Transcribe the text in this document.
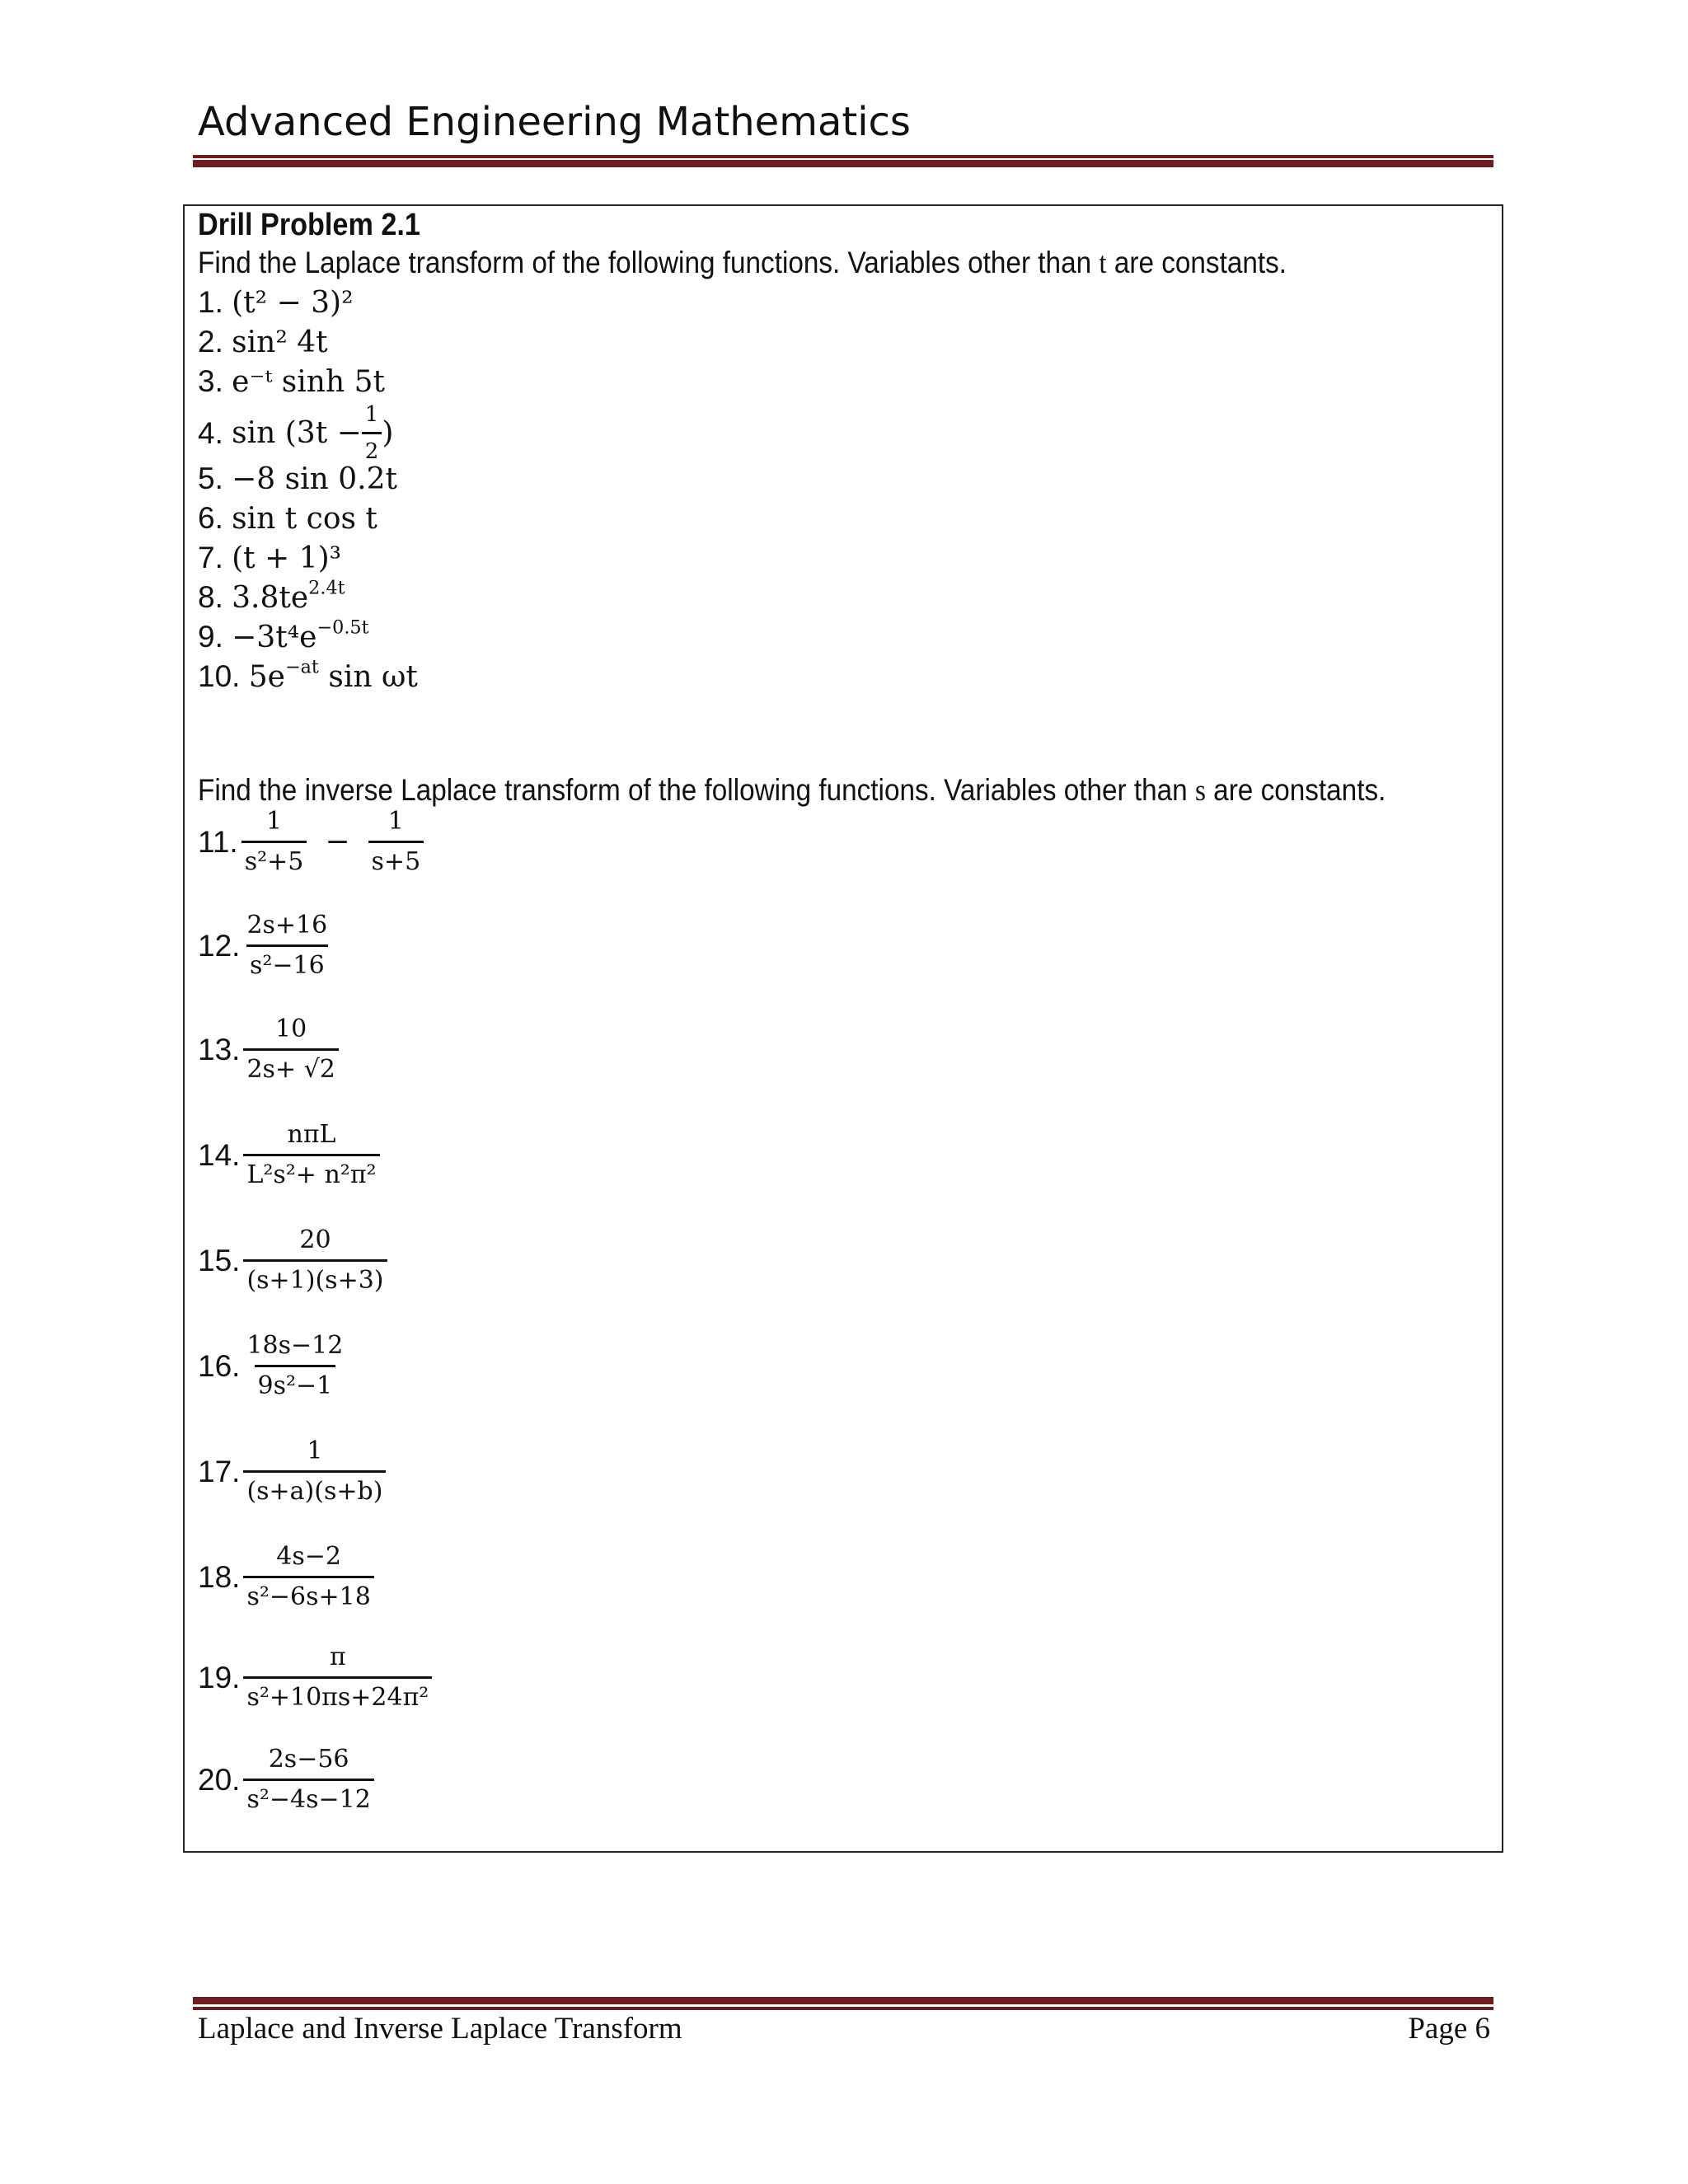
Advanced Engineering Mathematics
Drill Problem 2.1
Find the Laplace transform of the following functions. Variables other than t are constants.
1. (t² − 3)²
2. sin² 4t
3. e⁻ᵗ sinh 5t
4.
$\sin (3t - \frac{1}{2}$ )
5. −8 sin 0.2t
6. sin t cos t
7. (t + 1)³
8. $3.8te^{2.4t}$
9. $-3t^4e^{-0.5t}$
10. $5e^{-at}$ sin ωt
Find the inverse Laplace transform of the following functions. Variables other than s are constants.
11. $\frac{1}{\text{s²+5}} - \frac{1}{s+5}$
12. $\frac{2s+16}{\text{s²−16}}$
13. $\frac{10}{2s+ √2}$
14. $\frac{\text{nπL}}{\text{L²s²+ n²π²}}$
15. $\frac{20}{(s+1)(s+3)}$
16. $\frac{18s-12}{\text{9s²−1}}$
17. $\frac{1}{(s+a)(s+b)}$
18. $\frac{4s-2}{\text{s²−6s+18}}$
19. $\frac{\pi}{\text{s²+10πs+24π²}}$
20. $\frac{2s-56}{\text{s²−4s−12}}$
Laplace and Inverse Laplace Transform	Page 6
